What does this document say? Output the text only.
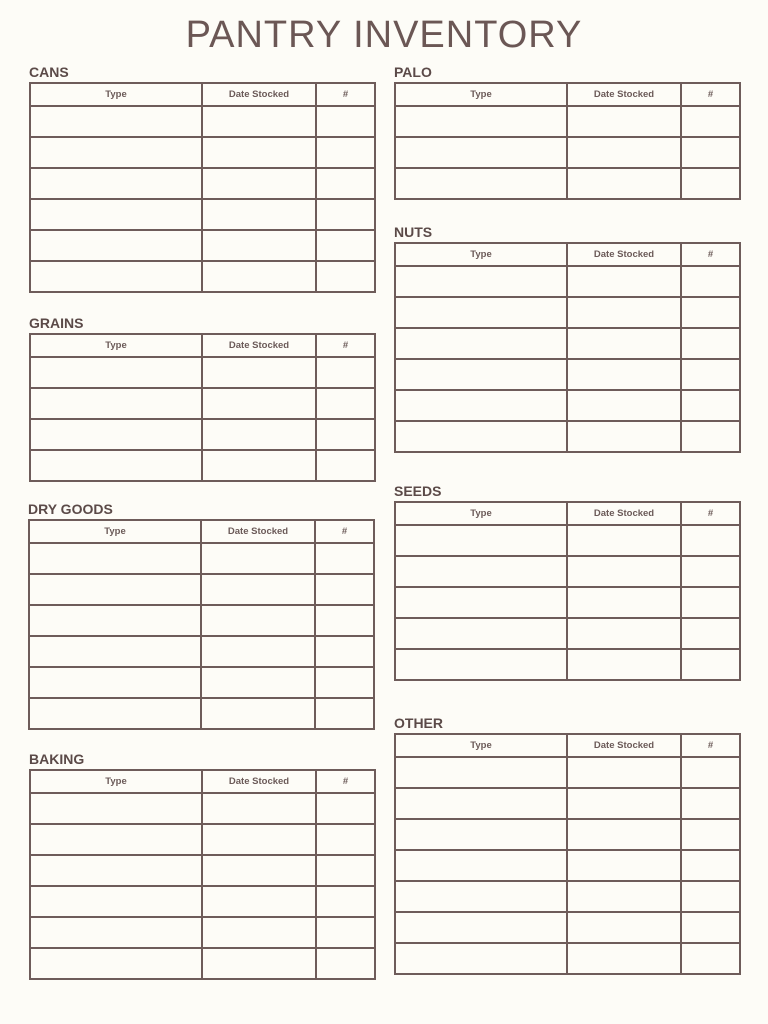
PANTRY INVENTORY
CANS
Type	Date Stocked	#

GRAINS
Type	Date Stocked	#

DRY GOODS
Type	Date Stocked	#

BAKING
Type	Date Stocked	#

PALO
Type	Date Stocked	#

NUTS
Type	Date Stocked	#

SEEDS
Type	Date Stocked	#

OTHER
Type	Date Stocked	#
